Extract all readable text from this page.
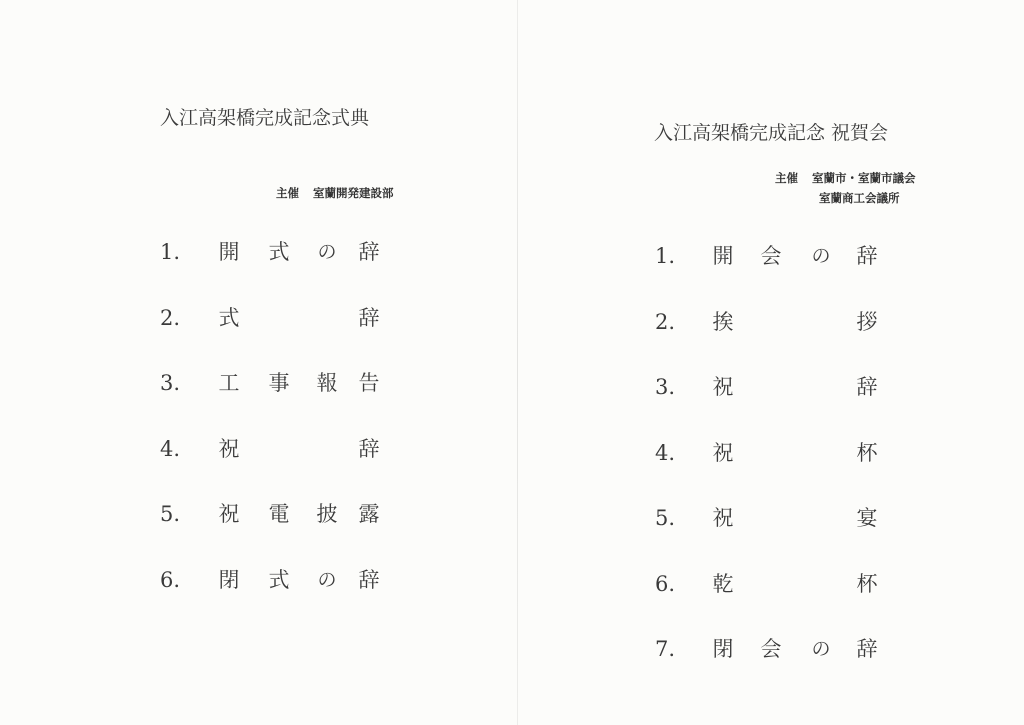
入江高架橋完成記念式典
主催 室蘭開発建設部
1.	開 式 の 辞
2.	式	辞
3.	工 事 報 告
4.	祝	辞
5.	祝 電 披 露
6.	閉 式 の 辞
入江高架橋完成記念 祝賀会
主催 室蘭市・室蘭市議会
室蘭商工会議所
1.	開 会 の 辞
2.	挨	拶
3.	祝	辞
4.	祝	杯
5.	祝	宴
6.	乾	杯
7.	閉 会 の 辞
